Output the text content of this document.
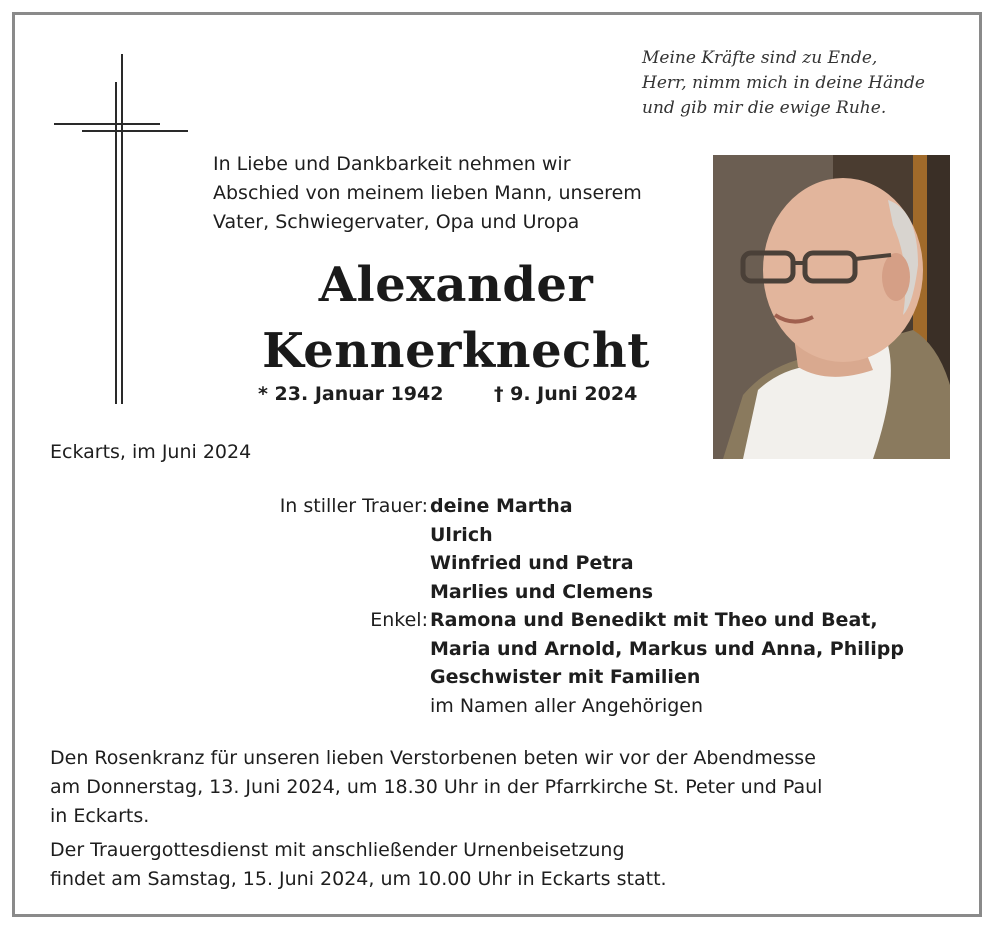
Meine Kräfte sind zu Ende,
Herr, nimm mich in deine Hände
und gib mir die ewige Ruhe.
In Liebe und Dankbarkeit nehmen wir
Abschied von meinem lieben Mann, unserem
Vater, Schwiegervater, Opa und Uropa
Alexander
Kennerknecht
* 23. Januar 1942	† 9. Juni 2024
Eckarts, im Juni 2024
In stiller Trauer:
Enkel:
deine Martha
Ulrich
Winfried und Petra
Marlies und Clemens
Ramona und Benedikt mit Theo und Beat,
Maria und Arnold, Markus und Anna, Philipp
Geschwister mit Familien
im Namen aller Angehörigen
Den Rosenkranz für unseren lieben Verstorbenen beten wir vor der Abendmesse
am Donnerstag, 13. Juni 2024, um 18.30 Uhr in der Pfarrkirche St. Peter und Paul
in Eckarts.
Der Trauergottesdienst mit anschließender Urnenbeisetzung
findet am Samstag, 15. Juni 2024, um 10.00 Uhr in Eckarts statt.
